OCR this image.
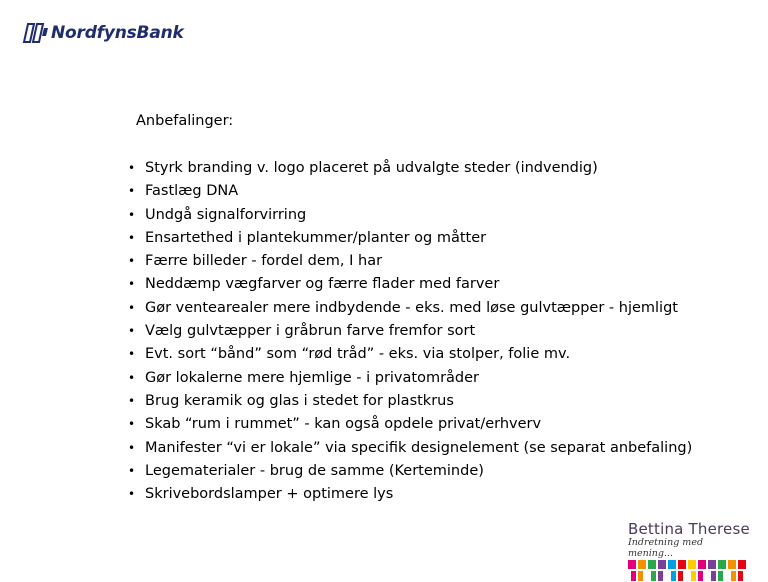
NordfynsBank
Anbefalinger:
• Styrk branding v. logo placeret på udvalgte steder (indvendig)
• Fastlæg DNA
• Undgå signalforvirring
• Ensartethed i plantekummer/planter og måtter
• Færre billeder - fordel dem, I har
• Neddæmp vægfarver og færre flader med farver
• Gør ventearealer mere indbydende - eks. med løse gulvtæpper - hjemligt
• Vælg gulvtæpper i gråbrun farve fremfor sort
• Evt. sort “bånd” som “rød tråd” - eks. via stolper, folie mv.
• Gør lokalerne mere hjemlige - i privatområder
• Brug keramik og glas i stedet for plastkrus
• Skab “rum i rummet” - kan også opdele privat/erhverv
• Manifester “vi er lokale” via specifik designelement (se separat anbefaling)
• Legematerialer - brug de samme (Kerteminde)
• Skrivebordslamper + optimere lys
Bettina Therese
Indretning med mening...
